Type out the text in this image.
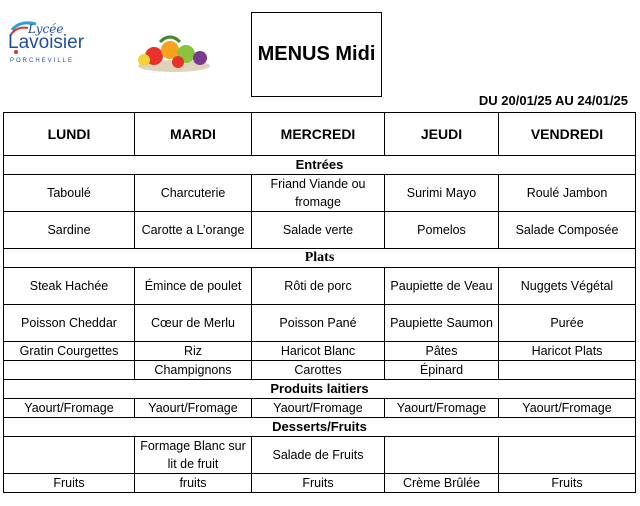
Lycée
Lavoisier
PORCHEVILLE	MENUS Midi
DU 20/01/25 AU 24/01/25
LUNDI	MARDI	MERCREDI	JEUDI	VENDREDI
Entrées				
Taboulé	Charcuterie	Friand Viande ou fromage	Surimi Mayo	Roulé Jambon
Sardine	Carotte a L’orange	Salade verte	Pomelos	Salade Composée
Plats				
Steak Hachée	Émince de poulet	Rôti de porc	Paupiette de Veau	Nuggets Végétal
Poisson Cheddar	Cœur de Merlu	Poisson Pané	Paupiette Saumon	Purée
Gratin Courgettes	Riz	Haricot Blanc	Pâtes	Haricot Plats
	Champignons	Carottes	Épinard	
Produits laitiers				
Yaourt/Fromage	Yaourt/Fromage	Yaourt/Fromage	Yaourt/Fromage	Yaourt/Fromage
Desserts/Fruits				
	Formage Blanc sur lit de fruit	Salade de Fruits		
Fruits	fruits	Fruits	Crème Brûlée	Fruits
